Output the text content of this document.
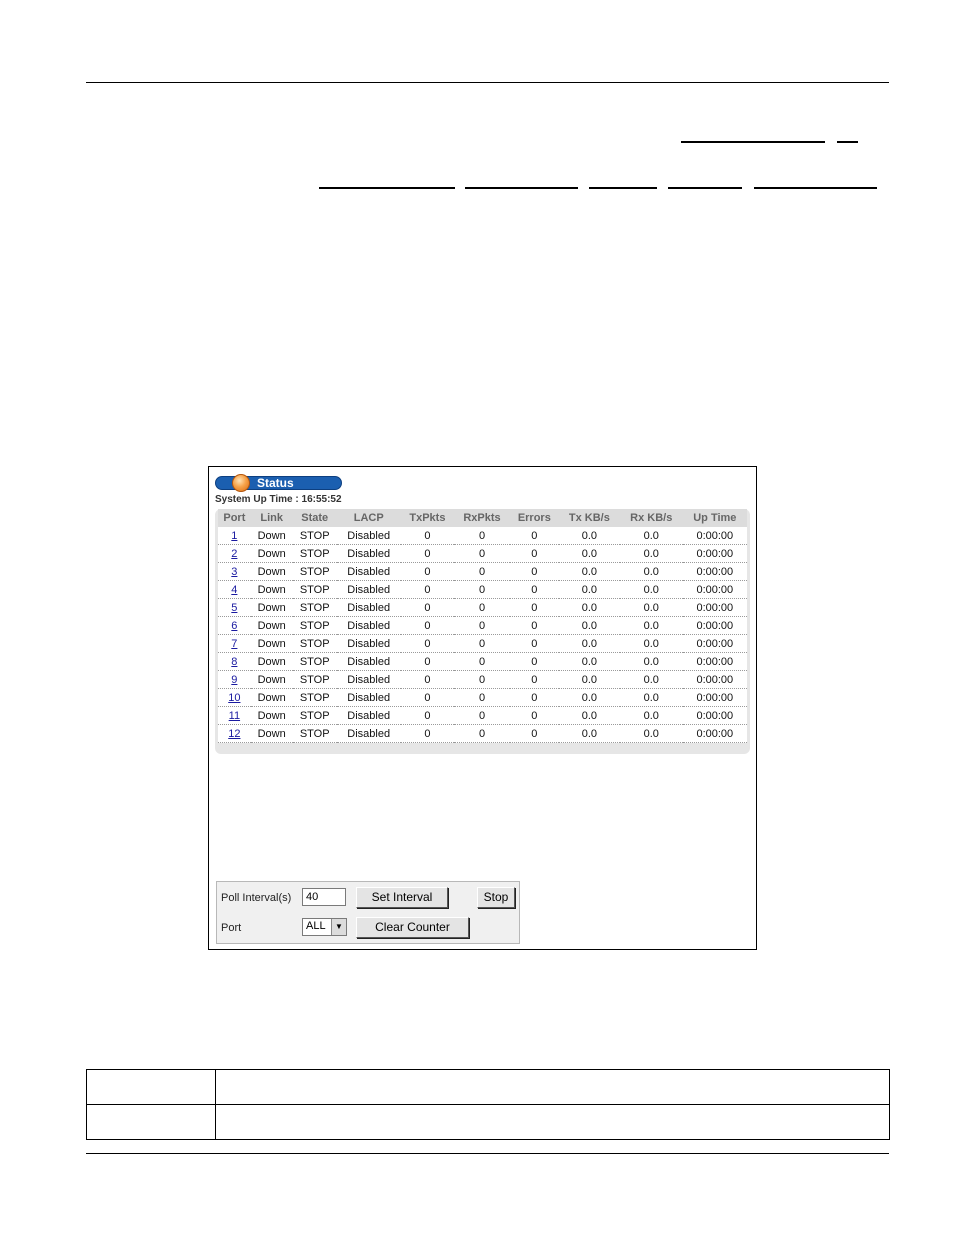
Status
System Up Time : 16:55:52
Port	Link	State	LACP	TxPkts	RxPkts	Errors	Tx KB/s	Rx KB/s	Up Time
1	Down	STOP	Disabled	0	0	0	0.0	0.0	0:00:00
2	Down	STOP	Disabled	0	0	0	0.0	0.0	0:00:00
3	Down	STOP	Disabled	0	0	0	0.0	0.0	0:00:00
4	Down	STOP	Disabled	0	0	0	0.0	0.0	0:00:00
5	Down	STOP	Disabled	0	0	0	0.0	0.0	0:00:00
6	Down	STOP	Disabled	0	0	0	0.0	0.0	0:00:00
7	Down	STOP	Disabled	0	0	0	0.0	0.0	0:00:00
8	Down	STOP	Disabled	0	0	0	0.0	0.0	0:00:00
9	Down	STOP	Disabled	0	0	0	0.0	0.0	0:00:00
10	Down	STOP	Disabled	0	0	0	0.0	0.0	0:00:00
11	Down	STOP	Disabled	0	0	0	0.0	0.0	0:00:00
12	Down	STOP	Disabled	0	0	0	0.0	0.0	0:00:00
Poll Interval(s)	40	Set Interval	Stop
Port	ALL	▼	Clear Counter
